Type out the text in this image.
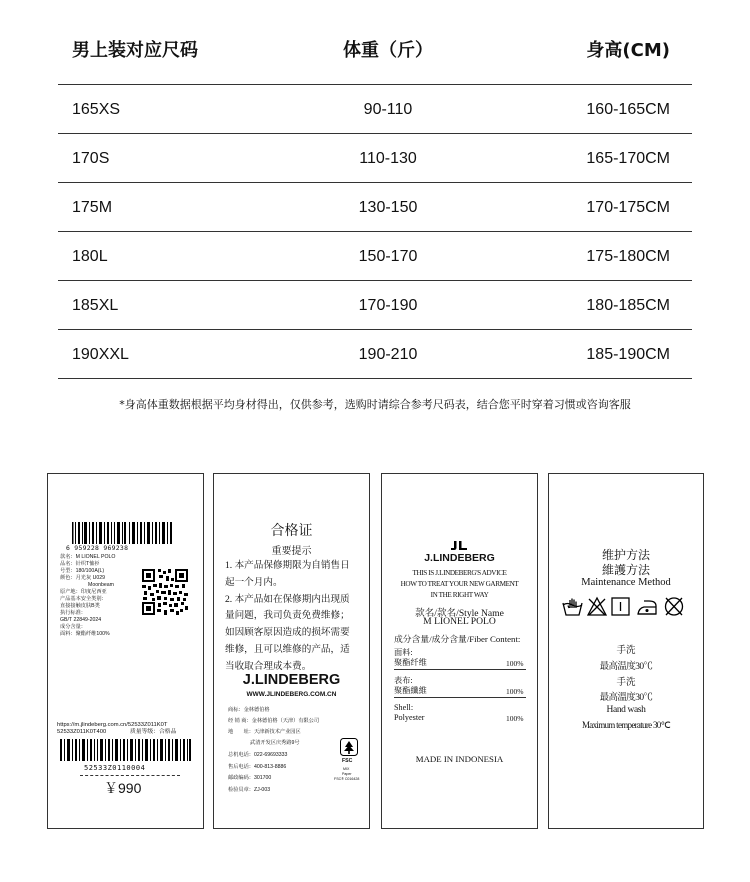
男上装对应尺码	体重（斤）	身高(CM)
165XS	90-110	160-165CM
170S	110-130	165-170CM
175M	130-150	170-175CM
180L	150-170	175-180CM
185XL	170-190	180-185CM
190XXL	190-210	185-190CM
*身高体重数据根据平均身材得出，仅供参考，选购时请综合参考尺码表，结合您平时穿着习惯或咨询客服
6 959228 969238
款名：M LIONEL POLO
品名：针织T恤衫
号型：180/100A(L)
颜色：月光灰 U029
Moonbeam
原产地：印度尼西亚
产品基本安全类别：
直接接触皮肤B类
执行标准：
GB/T 22849-2024
成分含量：
面料：聚酯纤维100%
https://m.jlindeberg.com.cn/52533Z011K0T
52533Z011K0T400	质量等级：合格品
52533Z0110004
￥990
合格证
重要提示
1. 本产品保修期限为自销售日
起一个月内。
2. 本产品如在保修期内出现质
量问题，我司负责免费维修；
如因顾客原因造成的损坏需要
维修，且可以维修的产品，适
当收取合理成本费。
J.LINDEBERG
WWW.JLINDEBERG.COM.CN
商标：金林德伯格
经 销 商：金林德伯格（天津）有限公司
地　　址：天津新技术产业园区
武清开发区庆秀路9号
总机电话：022-69693333
售后电话：400-813-8886
邮政编码：301700
检验员章：ZJ-003
FSC
MIX
Paper
FSC® C016428
J.LINDEBERG
THIS IS J.LINDEBERG'S ADVICE
HOW TO TREAT YOUR NEW GARMENT
IN THE RIGHT WAY
款名/款名/Style Name
M LIONEL POLO
成分含量/成分含量/Fiber Content:
面料:
聚酯纤维	100%
表布:
聚酯纖維	100%
Shell:
Polyester	100%
MADE IN INDONESIA
维护方法
維護方法
Maintenance Method
手洗
最高温度30℃
手洗
最高溫度30℃
Hand wash
Maximum temperature 30℃
